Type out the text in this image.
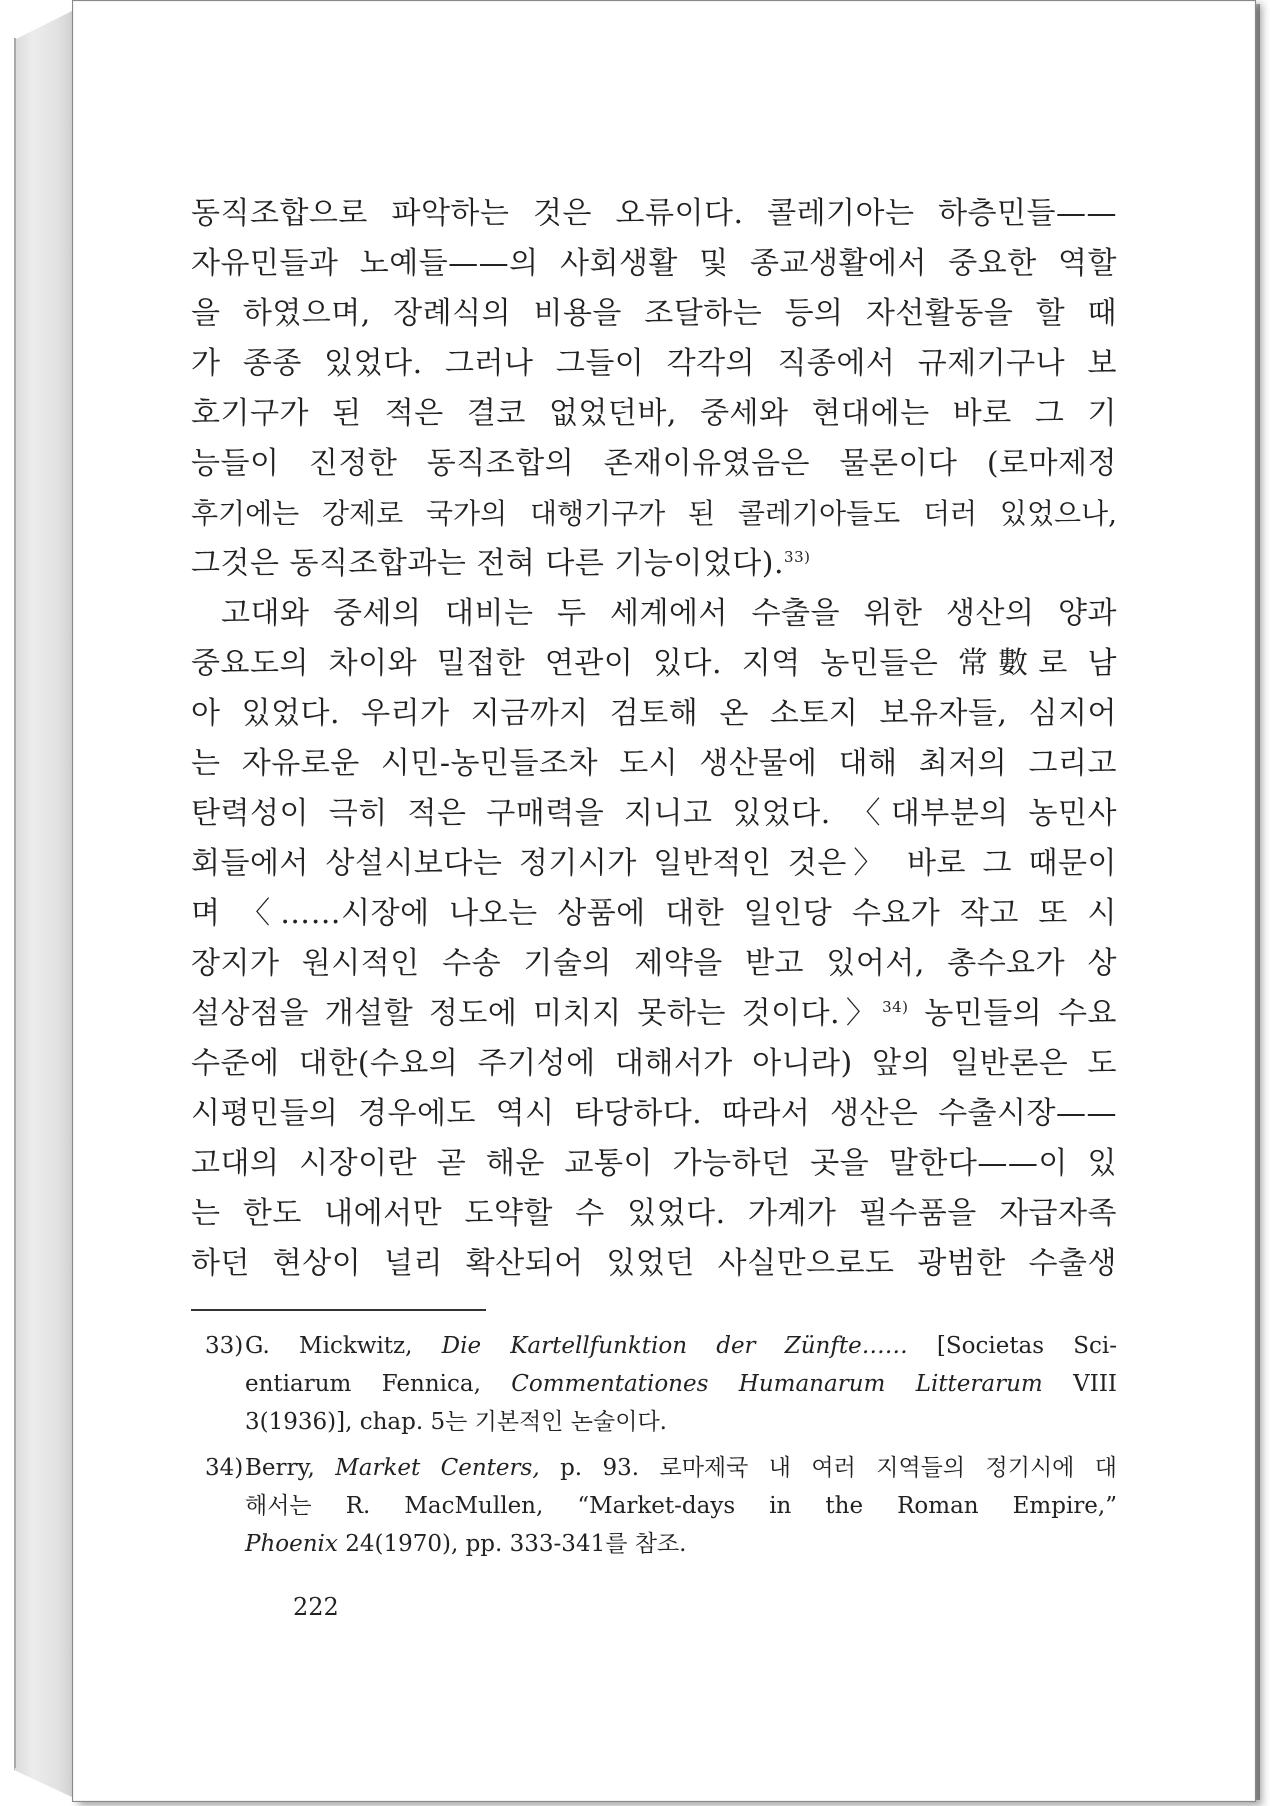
동직조합으로 파악하는 것은 오류이다. 콜레기아는 하층민들——
자유민들과 노예들——의 사회생활 및 종교생활에서 중요한 역할
을 하였으며, 장례식의 비용을 조달하는 등의 자선활동을 할 때
가 종종 있었다. 그러나 그들이 각각의 직종에서 규제기구나 보
호기구가 된 적은 결코 없었던바, 중세와 현대에는 바로 그 기
능들이 진정한 동직조합의 존재이유였음은 물론이다 (로마제정
후기에는 강제로 국가의 대행기구가 된 콜레기아들도 더러 있었으나,
그것은 동직조합과는 전혀 다른 기능이었다).$^{33)}$
고대와 중세의 대비는 두 세계에서 수출을 위한 생산의 양과
중요도의 차이와 밀접한 연관이 있다. 지역 농민들은 常數로 남
아 있었다. 우리가 지금까지 검토해 온 소토지 보유자들, 심지어
는 자유로운 시민-농민들조차 도시 생산물에 대해 최저의 그리고
탄력성이 극히 적은 구매력을 지니고 있었다. 〈대부분의 농민사
회들에서 상설시보다는 정기시가 일반적인 것은〉 바로 그 때문이
며 〈……시장에 나오는 상품에 대한 일인당 수요가 작고 또 시
장지가 원시적인 수송 기술의 제약을 받고 있어서, 총수요가 상
설상점을 개설할 정도에 미치지 못하는 것이다.〉$^{34)}$ 농민들의 수요
수준에 대한(수요의 주기성에 대해서가 아니라) 앞의 일반론은 도
시평민들의 경우에도 역시 타당하다. 따라서 생산은 수출시장——
고대의 시장이란 곧 해운 교통이 가능하던 곳을 말한다——이 있
는 한도 내에서만 도약할 수 있었다. 가계가 필수품을 자급자족
하던 현상이 널리 확산되어 있었던 사실만으로도 광범한 수출생
33) G. Mickwitz, Die Kartellfunktion der Zünfte…… [Societas Sci-
entiarum Fennica, Commentationes Humanarum Litterarum VIII
3(1936)], chap. 5는 기본적인 논술이다.
34) Berry, Market Centers, p. 93. 로마제국 내 여러 지역들의 정기시에 대
해서는 R. MacMullen, “Market-days in the Roman Empire,”
Phoenix 24(1970), pp. 333-341를 참조.
222
